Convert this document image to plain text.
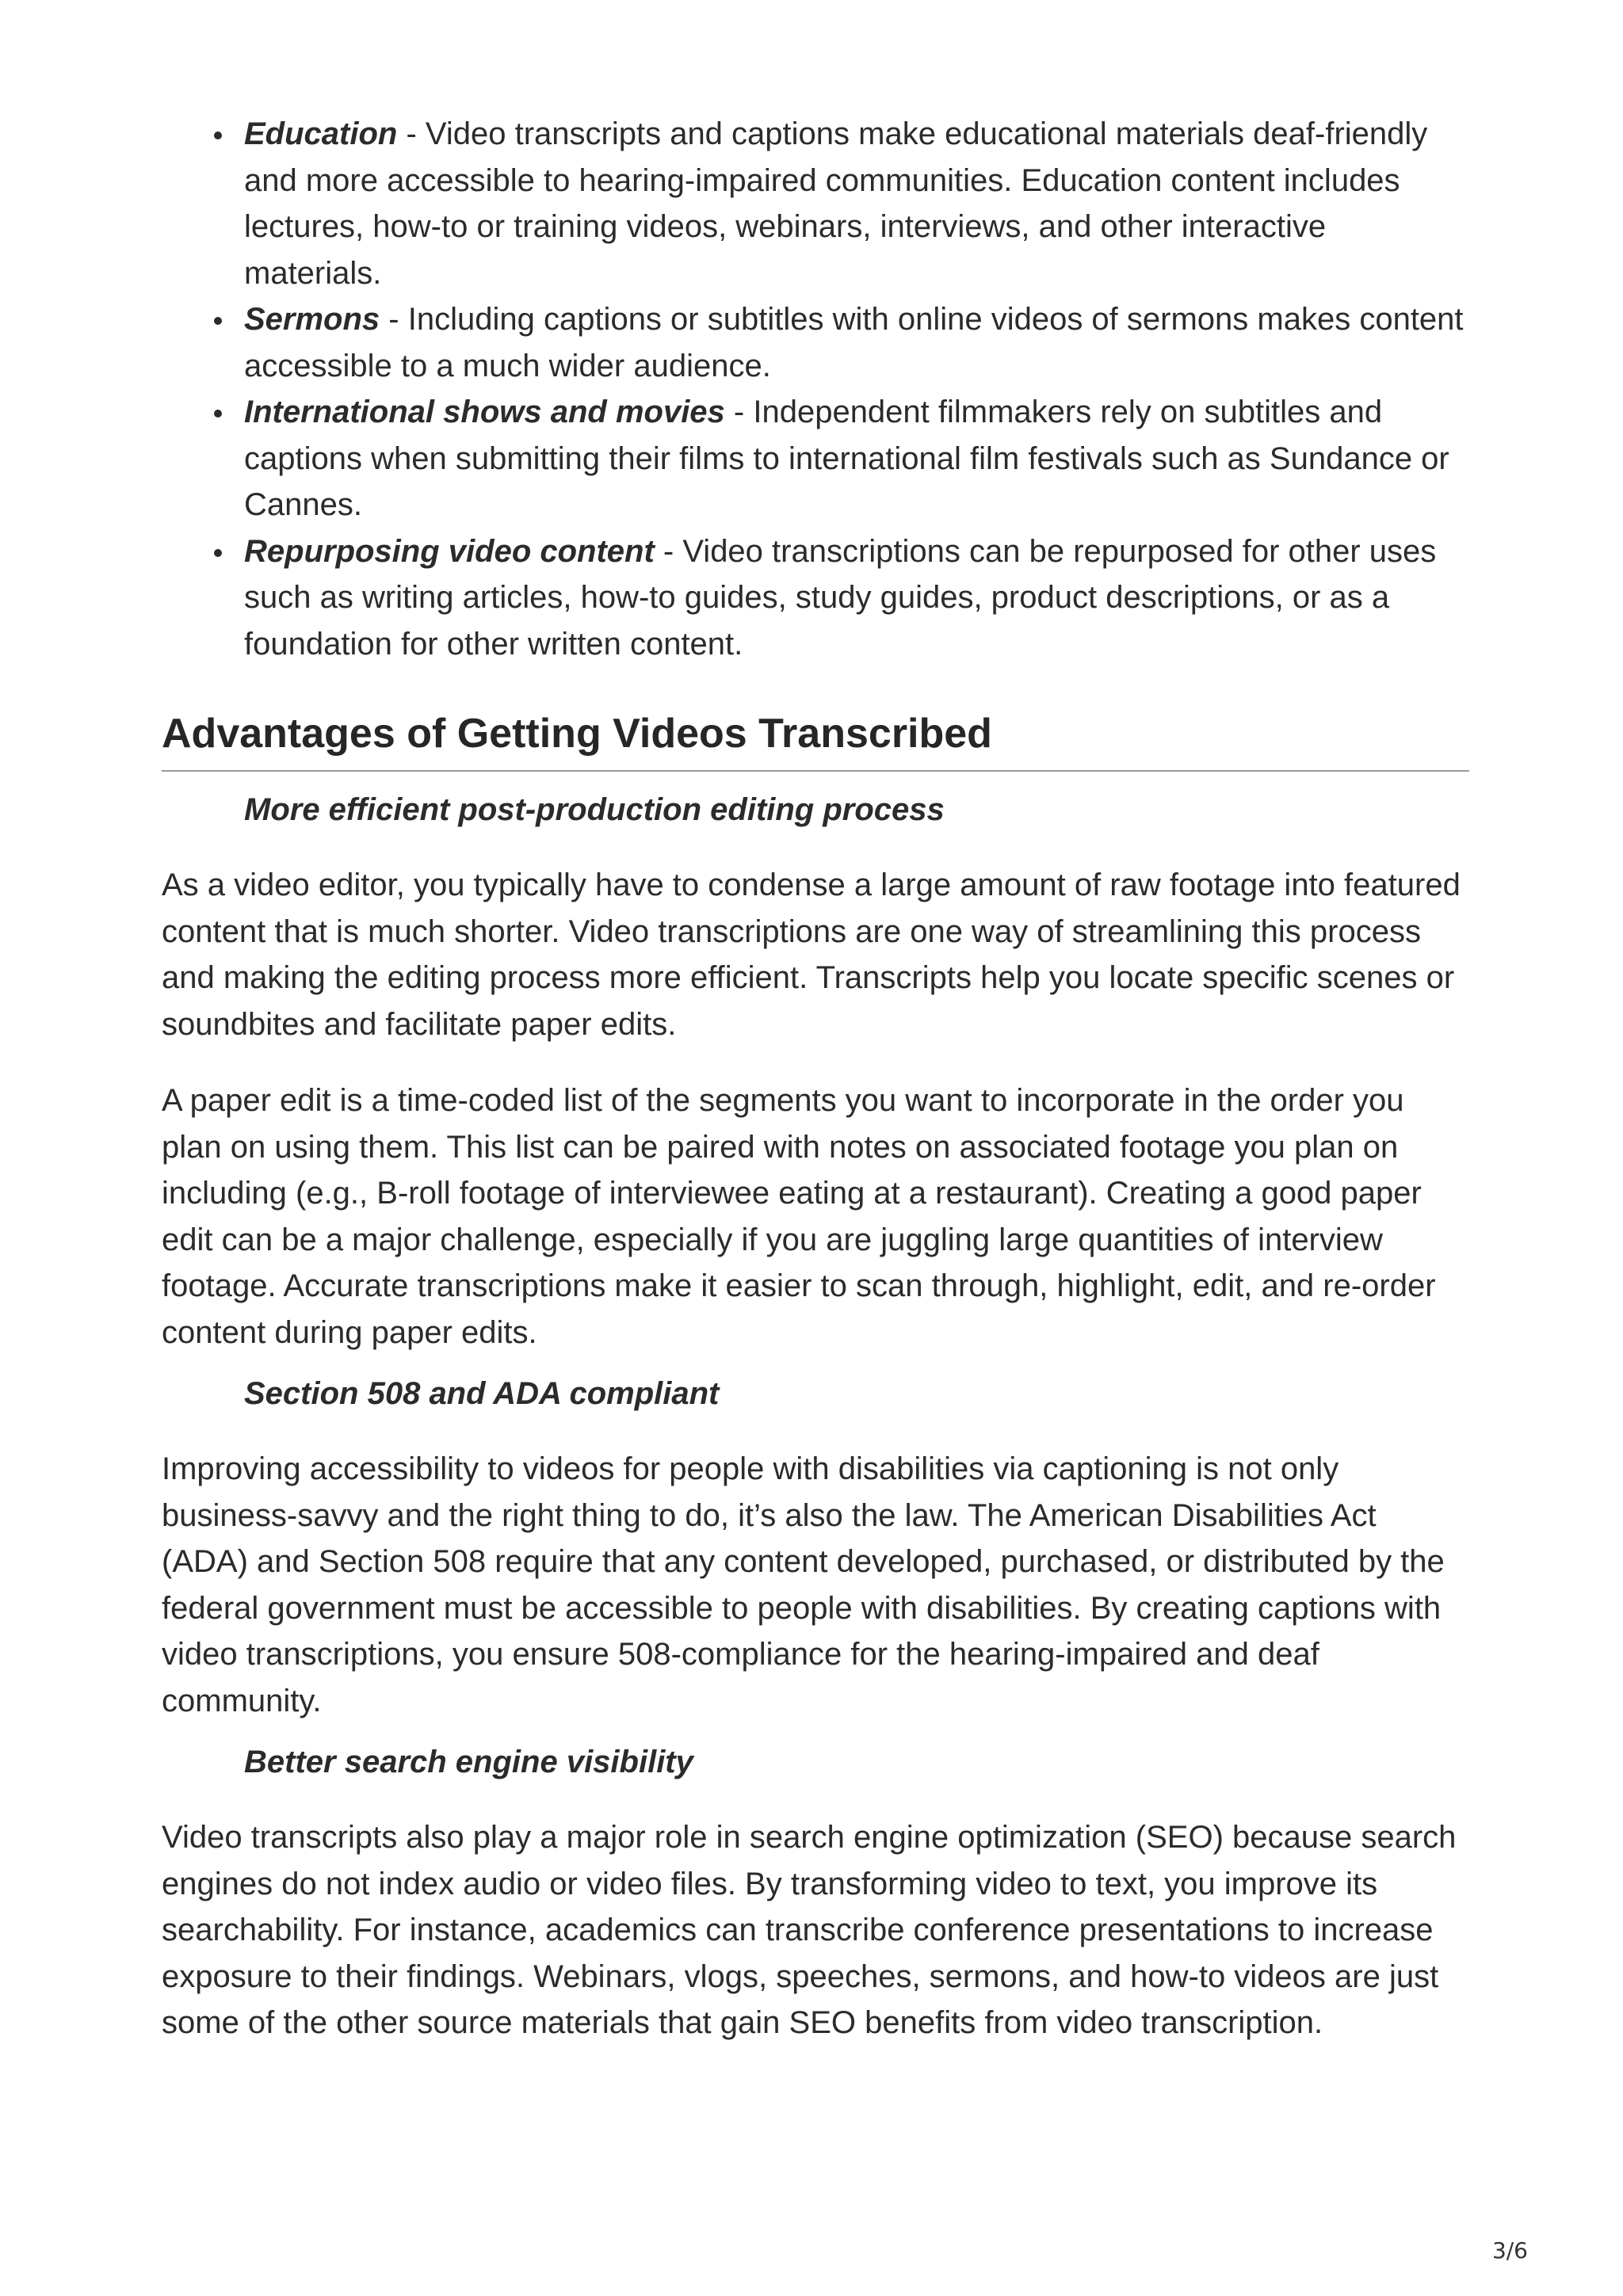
Education - Video transcripts and captions make educational materials deaf-friendly and more accessible to hearing-impaired communities. Education content includes lectures, how-to or training videos, webinars, interviews, and other interactive materials.
Sermons - Including captions or subtitles with online videos of sermons makes content accessible to a much wider audience.
International shows and movies - Independent filmmakers rely on subtitles and captions when submitting their films to international film festivals such as Sundance or Cannes.
Repurposing video content - Video transcriptions can be repurposed for other uses such as writing articles, how-to guides, study guides, product descriptions, or as a foundation for other written content.
Advantages of Getting Videos Transcribed
More efficient post-production editing process

As a video editor, you typically have to condense a large amount of raw footage into featured content that is much shorter. Video transcriptions are one way of streamlining this process and making the editing process more efficient. Transcripts help you locate specific scenes or soundbites and facilitate paper edits.

A paper edit is a time-coded list of the segments you want to incorporate in the order you plan on using them. This list can be paired with notes on associated footage you plan on including (e.g., B-roll footage of interviewee eating at a restaurant). Creating a good paper edit can be a major challenge, especially if you are juggling large quantities of interview footage. Accurate transcriptions make it easier to scan through, highlight, edit, and re-order content during paper edits.

Section 508 and ADA compliant

Improving accessibility to videos for people with disabilities via captioning is not only business-savvy and the right thing to do, it’s also the law. The American Disabilities Act (ADA) and Section 508 require that any content developed, purchased, or distributed by the federal government must be accessible to people with disabilities. By creating captions with video transcriptions, you ensure 508-compliance for the hearing-impaired and deaf community.

Better search engine visibility

Video transcripts also play a major role in search engine optimization (SEO) because search engines do not index audio or video files. By transforming video to text, you improve its searchability. For instance, academics can transcribe conference presentations to increase exposure to their findings. Webinars, vlogs, speeches, sermons, and how-to videos are just some of the other source materials that gain SEO benefits from video transcription.

3/6
